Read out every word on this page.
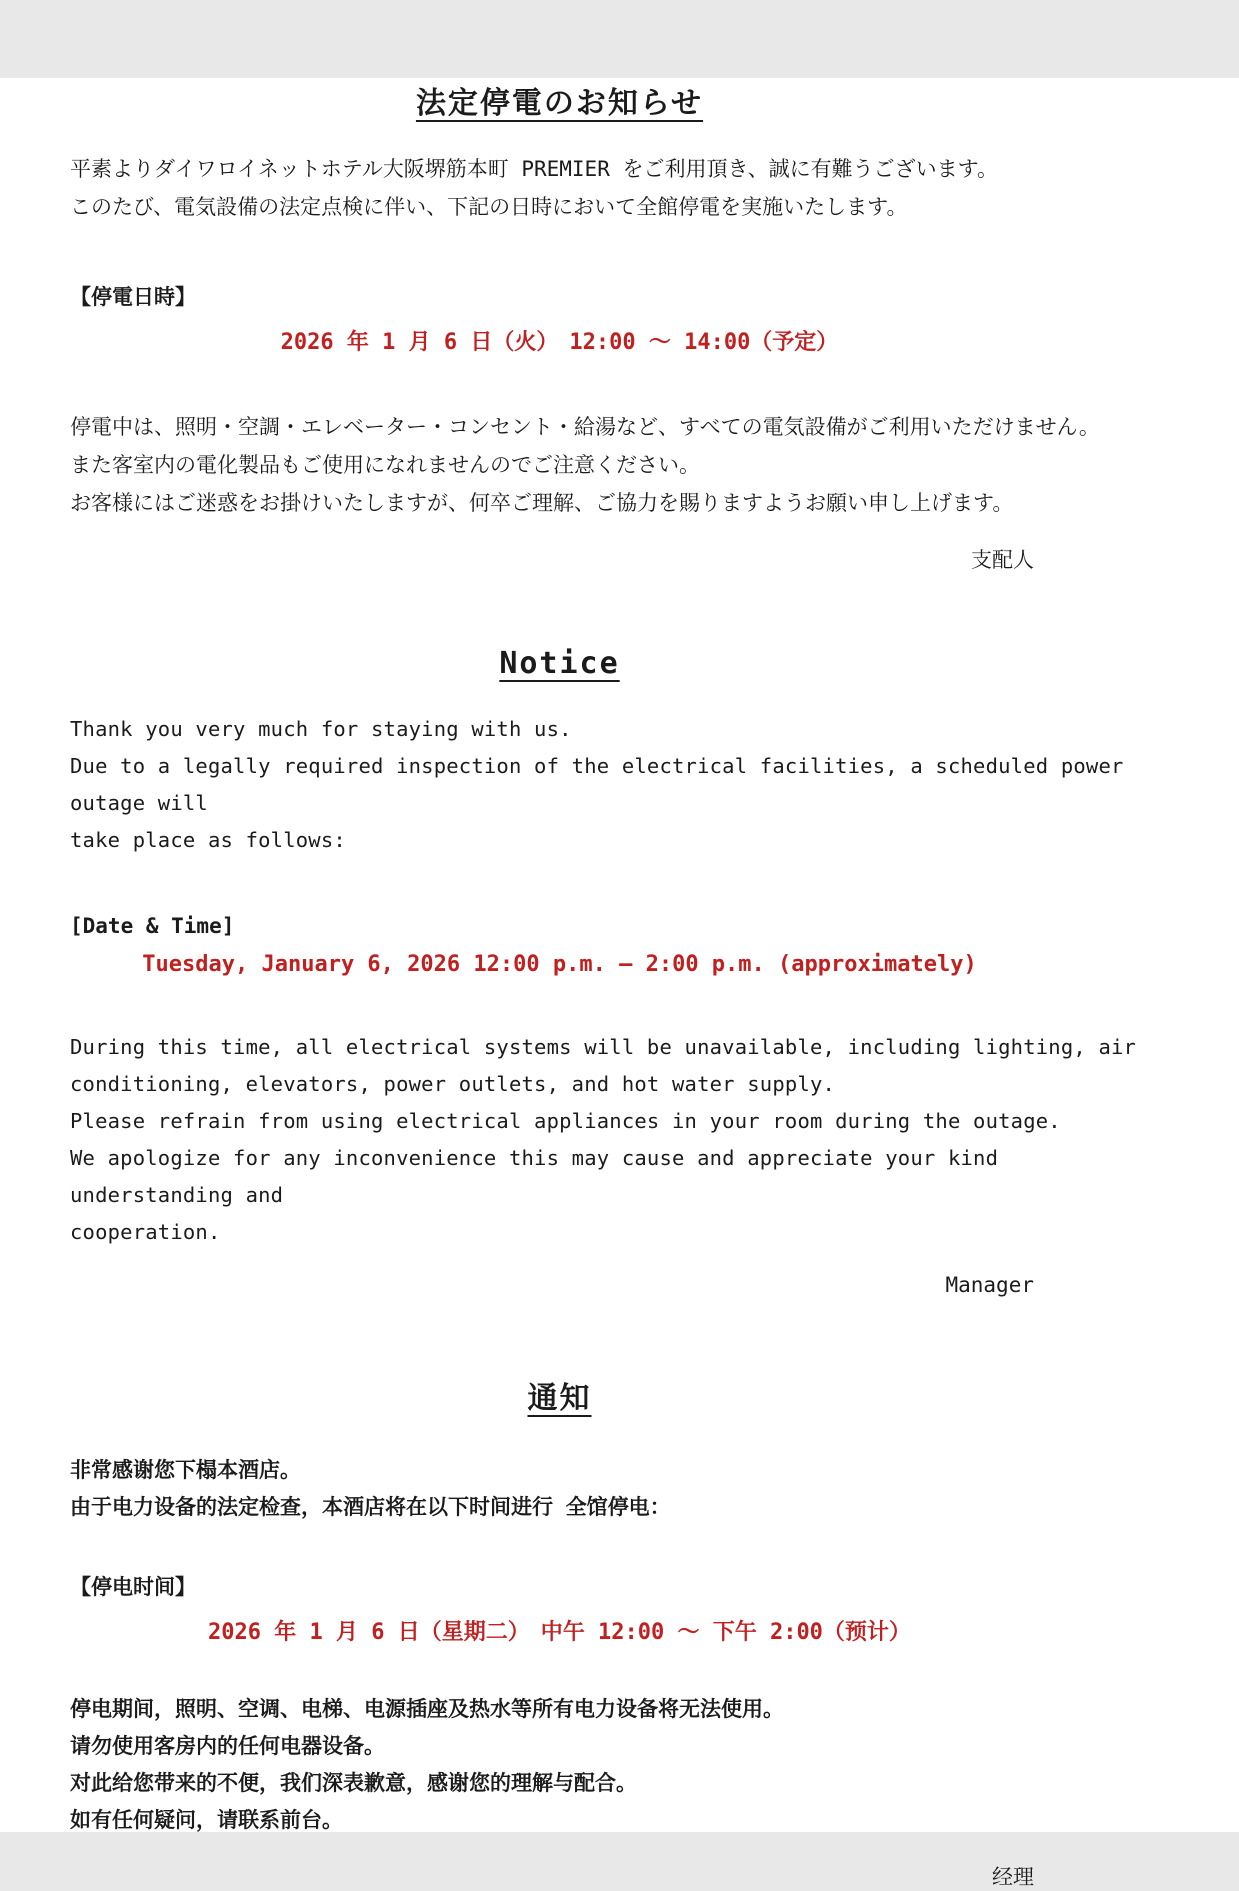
法定停電のお知らせ
平素よりダイワロイネットホテル大阪堺筋本町 PREMIER をご利用頂き、誠に有難うございます。
このたび、電気設備の法定点検に伴い、下記の日時において全館停電を実施いたします。
【停電日時】
2026 年 1 月 6 日（火）　12:00 ～ 14:00（予定）
停電中は、照明・空調・エレベーター・コンセント・給湯など、すべての電気設備がご利用いただけません。
また客室内の電化製品もご使用になれませんのでご注意ください。
お客様にはご迷惑をお掛けいたしますが、何卒ご理解、ご協力を賜りますようお願い申し上げます。
支配人
Notice
Thank you very much for staying with us.
Due to a legally required inspection of the electrical facilities, a scheduled power outage will
take place as follows:
[Date & Time]
Tuesday, January 6, 2026 12:00 p.m. – 2:00 p.m. (approximately)
During this time, all electrical systems will be unavailable, including lighting, air
conditioning, elevators, power outlets, and hot water supply.
Please refrain from using electrical appliances in your room during the outage.
We apologize for any inconvenience this may cause and appreciate your kind understanding and
cooperation.
Manager
通知
非常感谢您下榻本酒店。
由于电力设备的法定检查，本酒店将在以下时间进行 全馆停电：
【停电时间】
2026 年 1 月 6 日（星期二）　中午 12:00 ～ 下午 2:00（预计）
停电期间，照明、空调、电梯、电源插座及热水等所有电力设备将无法使用。
请勿使用客房内的任何电器设备。
对此给您带来的不便，我们深表歉意，感谢您的理解与配合。
如有任何疑问，请联系前台。
经理
